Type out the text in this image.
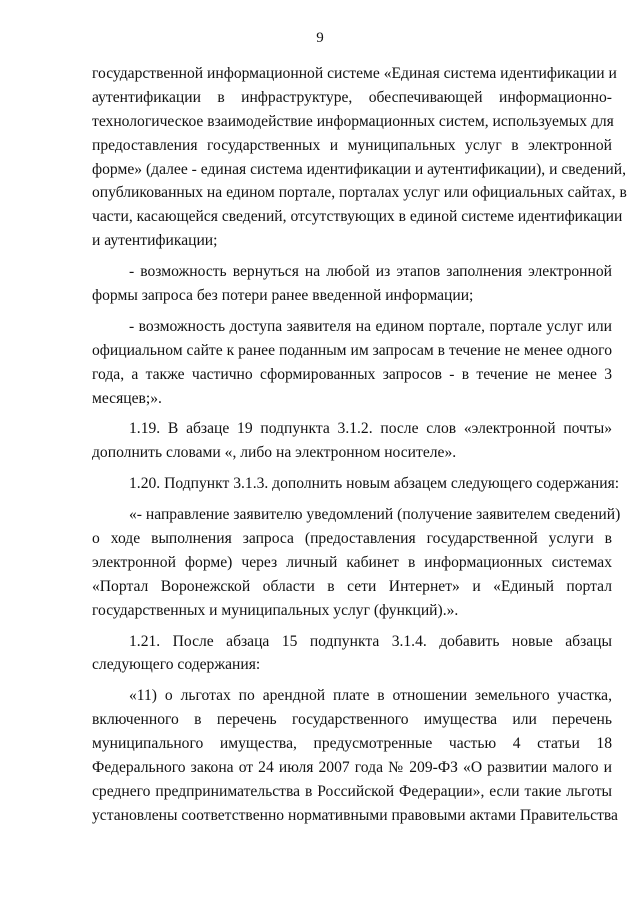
9
государственной информационной системе «Единая система идентификации и
аутентификации в инфраструктуре, обеспечивающей информационно-
технологическое взаимодействие информационных систем, используемых для
предоставления государственных и муниципальных услуг в электронной
форме» (далее - единая система идентификации и аутентификации), и сведений,
опубликованных на едином портале, порталах услуг или официальных сайтах, в
части, касающейся сведений, отсутствующих в единой системе идентификации
и аутентификации;
- возможность вернуться на любой из этапов заполнения электронной
формы запроса без потери ранее введенной информации;
- возможность доступа заявителя на едином портале, портале услуг или
официальном сайте к ранее поданным им запросам в течение не менее одного
года, а также частично сформированных запросов - в течение не менее 3
месяцев;».
1.19. В абзаце 19 подпункта 3.1.2. после слов «электронной почты»
дополнить словами «, либо на электронном носителе».
1.20. Подпункт 3.1.3. дополнить новым абзацем следующего содержания:
«- направление заявителю уведомлений (получение заявителем сведений)
о ходе выполнения запроса (предоставления государственной услуги в
электронной форме) через личный кабинет в информационных системах
«Портал Воронежской области в сети Интернет» и «Единый портал
государственных и муниципальных услуг (функций).».
1.21. После абзаца 15 подпункта 3.1.4. добавить новые абзацы
следующего содержания:
«11) о льготах по арендной плате в отношении земельного участка,
включенного в перечень государственного имущества или перечень
муниципального имущества, предусмотренные частью 4 статьи 18
Федерального закона от 24 июля 2007 года № 209-ФЗ «О развитии малого и
среднего предпринимательства в Российской Федерации», если такие льготы
установлены соответственно нормативными правовыми актами Правительства
